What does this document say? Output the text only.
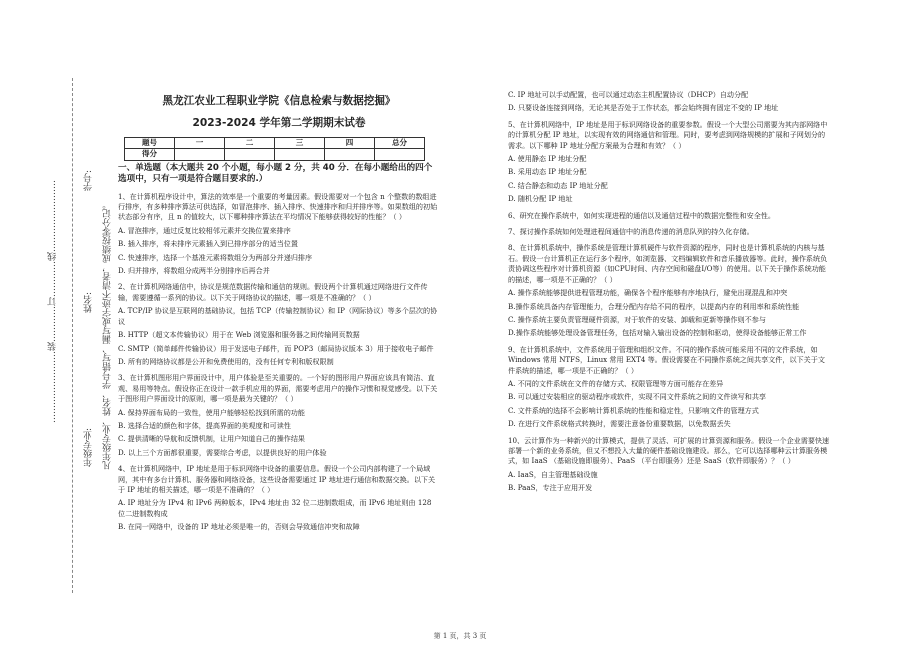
学号:
姓名:
年级专业: 凡年级专业、姓名、学号错写、漏写或字迹不清者，成绩按零分记。
……………………装…………订…………线……………………
黑龙江农业工程职业学院《信息检索与数据挖掘》
2023-2024 学年第二学期期末试卷
题号	一	二	三	四	总分
得分					
一、单选题（本大题共 20 个小题，每小题 2 分，共 40 分．在每小题给出的四个选项中，只有一项是符合题目要求的.）

1、在计算机程序设计中，算法的效率是一个重要的考量因素。假设需要对一个包含 n 个整数的数组进行排序，有多种排序算法可供选择，如冒泡排序、插入排序、快速排序和归并排序等。如果数组的初始状态部分有序，且 n 的值较大，以下哪种排序算法在平均情况下能够获得较好的性能？（ ）

A. 冒泡排序，通过反复比较相邻元素并交换位置来排序

B. 插入排序，将未排序元素插入到已排序部分的适当位置

C. 快速排序，选择一个基准元素将数组分为两部分并递归排序

D. 归并排序，将数组分成两半分别排序后再合并

2、在计算机网络通信中，协议是规范数据传输和通信的规则。假设两个计算机通过网络进行文件传输，需要遵循一系列的协议。以下关于网络协议的描述，哪一项是不准确的？（ ）

A. TCP/IP 协议是互联网的基础协议，包括 TCP（传输控制协议）和 IP（网际协议）等多个层次的协议

B. HTTP（超文本传输协议）用于在 Web 浏览器和服务器之间传输网页数据

C. SMTP（简单邮件传输协议）用于发送电子邮件，而 POP3（邮局协议版本 3）用于接收电子邮件

D. 所有的网络协议都是公开和免费使用的，没有任何专利和版权限制

3、在计算机图形用户界面设计中，用户体验是至关重要的。一个好的图形用户界面应该具有简洁、直观、易用等特点。假设你正在设计一款手机应用的界面，需要考虑用户的操作习惯和视觉感受。以下关于图形用户界面设计的原则，哪一项是最为关键的？（ ）

A. 保持界面布局的一致性，使用户能够轻松找到所需的功能

B. 选择合适的颜色和字体，提高界面的美观度和可读性

C. 提供清晰的导航和反馈机制，让用户知道自己的操作结果

D. 以上三个方面都很重要，需要综合考虑，以提供良好的用户体验

4、在计算机网络中，IP 地址是用于标识网络中设备的重要信息。假设一个公司内部构建了一个局域网，其中有多台计算机、服务器和网络设备，这些设备需要通过 IP 地址进行通信和数据交换。以下关于 IP 地址的相关描述，哪一项是不准确的？（ ）

A. IP 地址分为 IPv4 和 IPv6 两种版本，IPv4 地址由 32 位二进制数组成，而 IPv6 地址则由 128 位二进制数构成

B. 在同一网络中，设备的 IP 地址必须是唯一的，否则会导致通信冲突和故障

C. IP 地址可以手动配置，也可以通过动态主机配置协议（DHCP）自动分配

D. 只要设备连接到网络，无论其是否处于工作状态，都会始终拥有固定不变的 IP 地址

5、在计算机网络中，IP 地址是用于标识网络设备的重要参数。假设一个大型公司需要为其内部网络中的计算机分配 IP 地址，以实现有效的网络通信和管理。同时，要考虑到网络规模的扩展和子网划分的需求。以下哪种 IP 地址分配方案最为合理和有效？（ ）

A. 使用静态 IP 地址分配

B. 采用动态 IP 地址分配

C. 结合静态和动态 IP 地址分配

D. 随机分配 IP 地址

6、研究在操作系统中，如何实现进程的通信以及通信过程中的数据完整性和安全性。

7、探讨操作系统如何处理进程间通信中的消息传递的消息队列的持久化存储。

8、在计算机系统中，操作系统是管理计算机硬件与软件资源的程序，同时也是计算机系统的内核与基石。假设一台计算机正在运行多个程序，如浏览器、文档编辑软件和音乐播放器等。此时，操作系统负责协调这些程序对计算机资源（如CPU时间、内存空间和磁盘I/O等）的使用。以下关于操作系统功能的描述，哪一项是不正确的？（ ）

A. 操作系统能够提供进程管理功能，确保各个程序能够有序地执行，避免出现混乱和冲突

B.操作系统具备内存管理能力，合理分配内存给不同的程序，以提高内存的利用率和系统性能

C. 操作系统主要负责管理硬件资源，对于软件的安装、卸载和更新等操作则不参与

D.操作系统能够处理设备管理任务，包括对输入输出设备的控制和驱动，使得设备能够正常工作

9、在计算机系统中，文件系统用于管理和组织文件。不同的操作系统可能采用不同的文件系统，如 Windows 常用 NTFS，Linux 常用 EXT4 等。假设需要在不同操作系统之间共享文件，以下关于文件系统的描述，哪一项是不正确的？（ ）

A. 不同的文件系统在文件的存储方式、权限管理等方面可能存在差异

B. 可以通过安装相应的驱动程序或软件，实现不同文件系统之间的文件读写和共享

C. 文件系统的选择不会影响计算机系统的性能和稳定性，只影响文件的管理方式

D. 在进行文件系统格式转换时，需要注意备份重要数据，以免数据丢失

10、云计算作为一种新兴的计算模式，提供了灵活、可扩展的计算资源和服务。假设一个企业需要快速部署一个新的业务系统，但又不想投入大量的硬件基础设施建设。那么，它可以选择哪种云计算服务模式，如 IaaS （基础设施即服务）、PaaS （平台即服务）还是 SaaS（软件即服务）？（ ）

A. IaaS，自主管理基础设施

B. PaaS，专注于应用开发

第 1 页，共 3 页
